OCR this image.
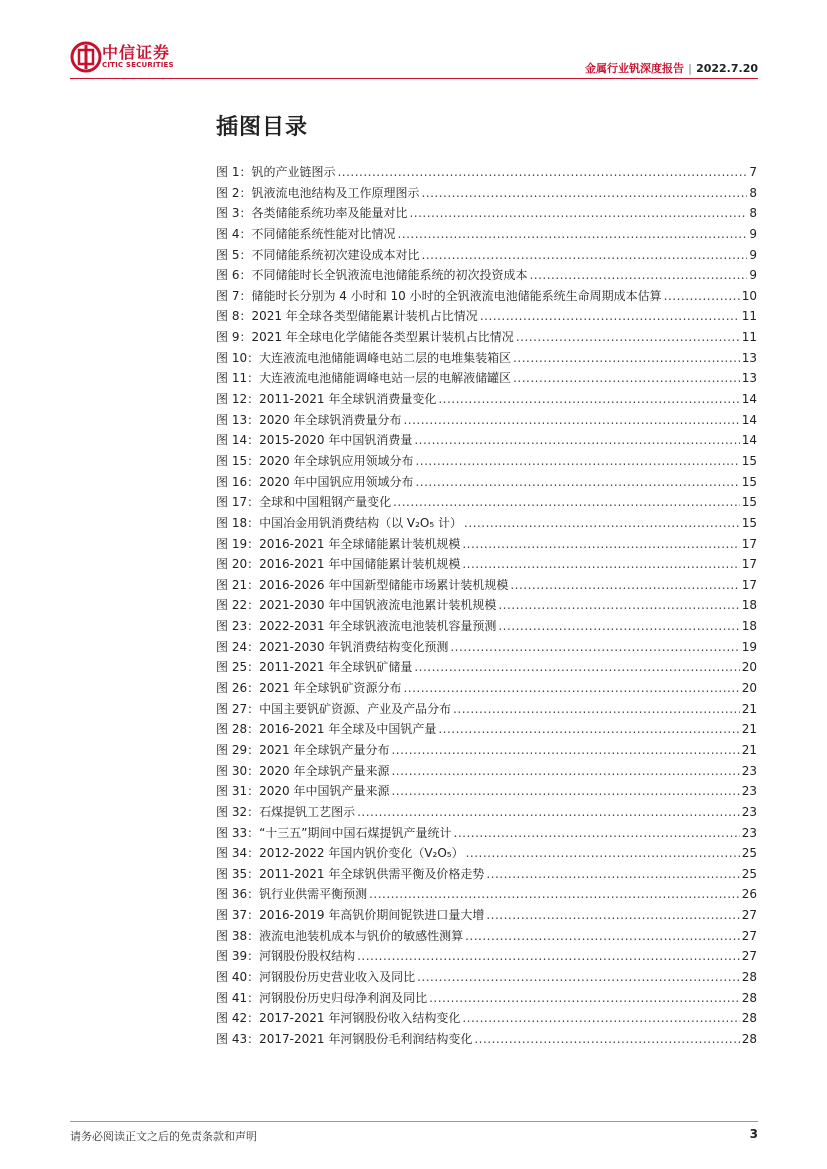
中信证券
CITIC SECURITIES	金属行业钒深度报告 | 2022.7.20
插图目录
图 1： 钒的产业链图示 .....	7
图 2： 钒液流电池结构及工作原理图示 .....	8
图 3： 各类储能系统功率及能量对比 .....	8
图 4： 不同储能系统性能对比情况 .....	9
图 5： 不同储能系统初次建设成本对比 .....	9
图 6： 不同储能时长全钒液流电池储能系统的初次投资成本 .....	9
图 7： 储能时长分别为 4 小时和 10 小时的全钒液流电池储能系统生命周期成本估算 .....	10
图 8： 2021 年全球各类型储能累计装机占比情况 .....	11
图 9： 2021 年全球电化学储能各类型累计装机占比情况 .....	11
图 10： 大连液流电池储能调峰电站二层的电堆集装箱区 .....	13
图 11： 大连液流电池储能调峰电站一层的电解液储罐区 .....	13
图 12： 2011-2021 年全球钒消费量变化 .....	14
图 13： 2020 年全球钒消费量分布 .....	14
图 14： 2015-2020 年中国钒消费量 .....	14
图 15： 2020 年全球钒应用领域分布 .....	15
图 16： 2020 年中国钒应用领域分布 .....	15
图 17： 全球和中国粗钢产量变化 .....	15
图 18： 中国冶金用钒消费结构（以 V₂O₅ 计） .....	15
图 19： 2016-2021 年全球储能累计装机规模 .....	17
图 20： 2016-2021 年中国储能累计装机规模 .....	17
图 21： 2016-2026 年中国新型储能市场累计装机规模 .....	17
图 22： 2021-2030 年中国钒液流电池累计装机规模 .....	18
图 23： 2022-2031 年全球钒液流电池装机容量预测 .....	18
图 24： 2021-2030 年钒消费结构变化预测 .....	19
图 25： 2011-2021 年全球钒矿储量 .....	20
图 26： 2021 年全球钒矿资源分布 .....	20
图 27： 中国主要钒矿资源、产业及产品分布 .....	21
图 28： 2016-2021 年全球及中国钒产量 .....	21
图 29： 2021 年全球钒产量分布 .....	21
图 30： 2020 年全球钒产量来源 .....	23
图 31： 2020 年中国钒产量来源 .....	23
图 32： 石煤提钒工艺图示 .....	23
图 33： “十三五”期间中国石煤提钒产量统计 .....	23
图 34： 2012-2022 年国内钒价变化（V₂O₅） .....	25
图 35： 2011-2021 年全球钒供需平衡及价格走势 .....	25
图 36： 钒行业供需平衡预测 .....	26
图 37： 2016-2019 年高钒价期间铌铁进口量大增 .....	27
图 38： 液流电池装机成本与钒价的敏感性测算 .....	27
图 39： 河钢股份股权结构 .....	27
图 40： 河钢股份历史营业收入及同比 .....	28
图 41： 河钢股份历史归母净利润及同比 .....	28
图 42： 2017-2021 年河钢股份收入结构变化 .....	28
图 43： 2017-2021 年河钢股份毛利润结构变化 .....	28
请务必阅读正文之后的免责条款和声明	3
